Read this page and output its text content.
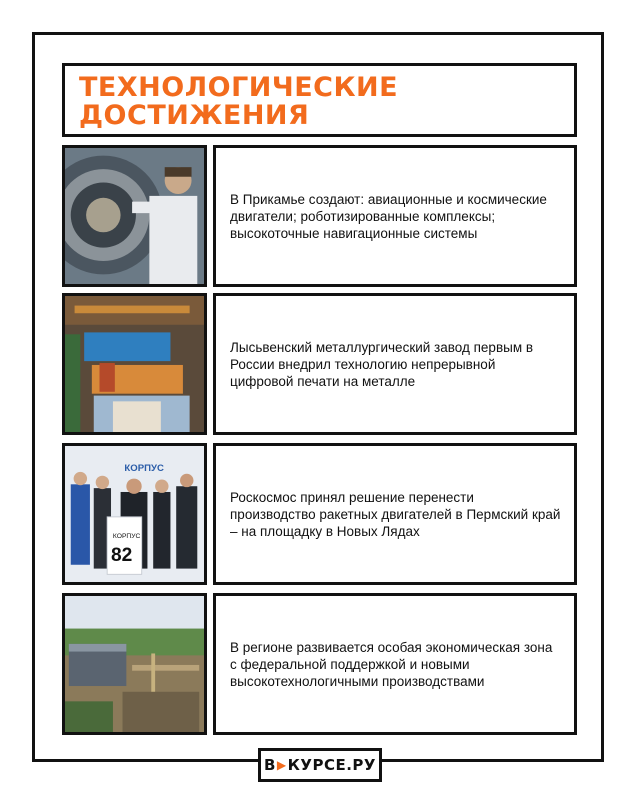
ТЕХНОЛОГИЧЕСКИЕ
ДОСТИЖЕНИЯ
В Прикамье создают: авиационные и космические двигатели; роботизированные комплексы; высокоточные навигационные системы
Лысьвенский металлургический завод первым в России внедрил технологию непрерывной цифровой печати на металле
КОРПУС
КОРПУС
82
Роскосмос принял решение перенести производство ракетных двигателей в Пермский край – на площадку в Новых Лядах
В регионе развивается особая экономическая зона с федеральной поддержкой и новыми высокотехнологичными производствами
В ▶ КУРСЕ.РУ
